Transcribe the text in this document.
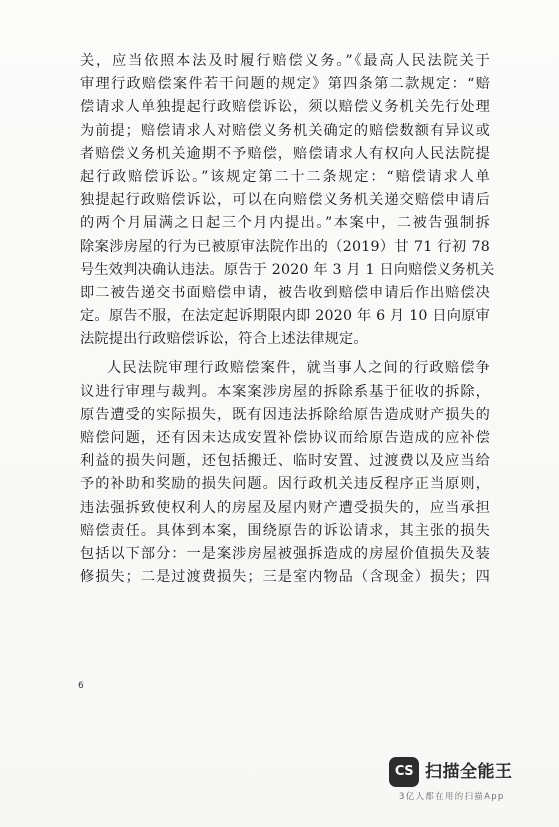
关，应当依照本法及时履行赔偿义务。”《最高人民法院关于
审理行政赔偿案件若干问题的规定》第四条第二款规定：“赔
偿请求人单独提起行政赔偿诉讼，须以赔偿义务机关先行处理
为前提；赔偿请求人对赔偿义务机关确定的赔偿数额有异议或
者赔偿义务机关逾期不予赔偿，赔偿请求人有权向人民法院提
起行政赔偿诉讼。”该规定第二十二条规定：“赔偿请求人单
独提起行政赔偿诉讼，可以在向赔偿义务机关递交赔偿申请后
的两个月届满之日起三个月内提出。”本案中，二被告强制拆
除案涉房屋的行为已被原审法院作出的（2019）甘 71 行初 78
号生效判决确认违法。原告于 2020 年 3 月 1 日向赔偿义务机关
即二被告递交书面赔偿申请，被告收到赔偿申请后作出赔偿决
定。原告不服，在法定起诉期限内即 2020 年 6 月 10 日向原审
法院提出行政赔偿诉讼，符合上述法律规定。
人民法院审理行政赔偿案件，就当事人之间的行政赔偿争
议进行审理与裁判。本案案涉房屋的拆除系基于征收的拆除，
原告遭受的实际损失，既有因违法拆除给原告造成财产损失的
赔偿问题，还有因未达成安置补偿协议而给原告造成的应补偿
利益的损失问题，还包括搬迁、临时安置、过渡费以及应当给
予的补助和奖励的损失问题。因行政机关违反程序正当原则，
违法强拆致使权利人的房屋及屋内财产遭受损失的，应当承担
赔偿责任。具体到本案，围绕原告的诉讼请求，其主张的损失
包括以下部分：一是案涉房屋被强拆造成的房屋价值损失及装
修损失；二是过渡费损失；三是室内物品（含现金）损失；四
6
CS 扫描全能王
3亿人都在用的扫描App
